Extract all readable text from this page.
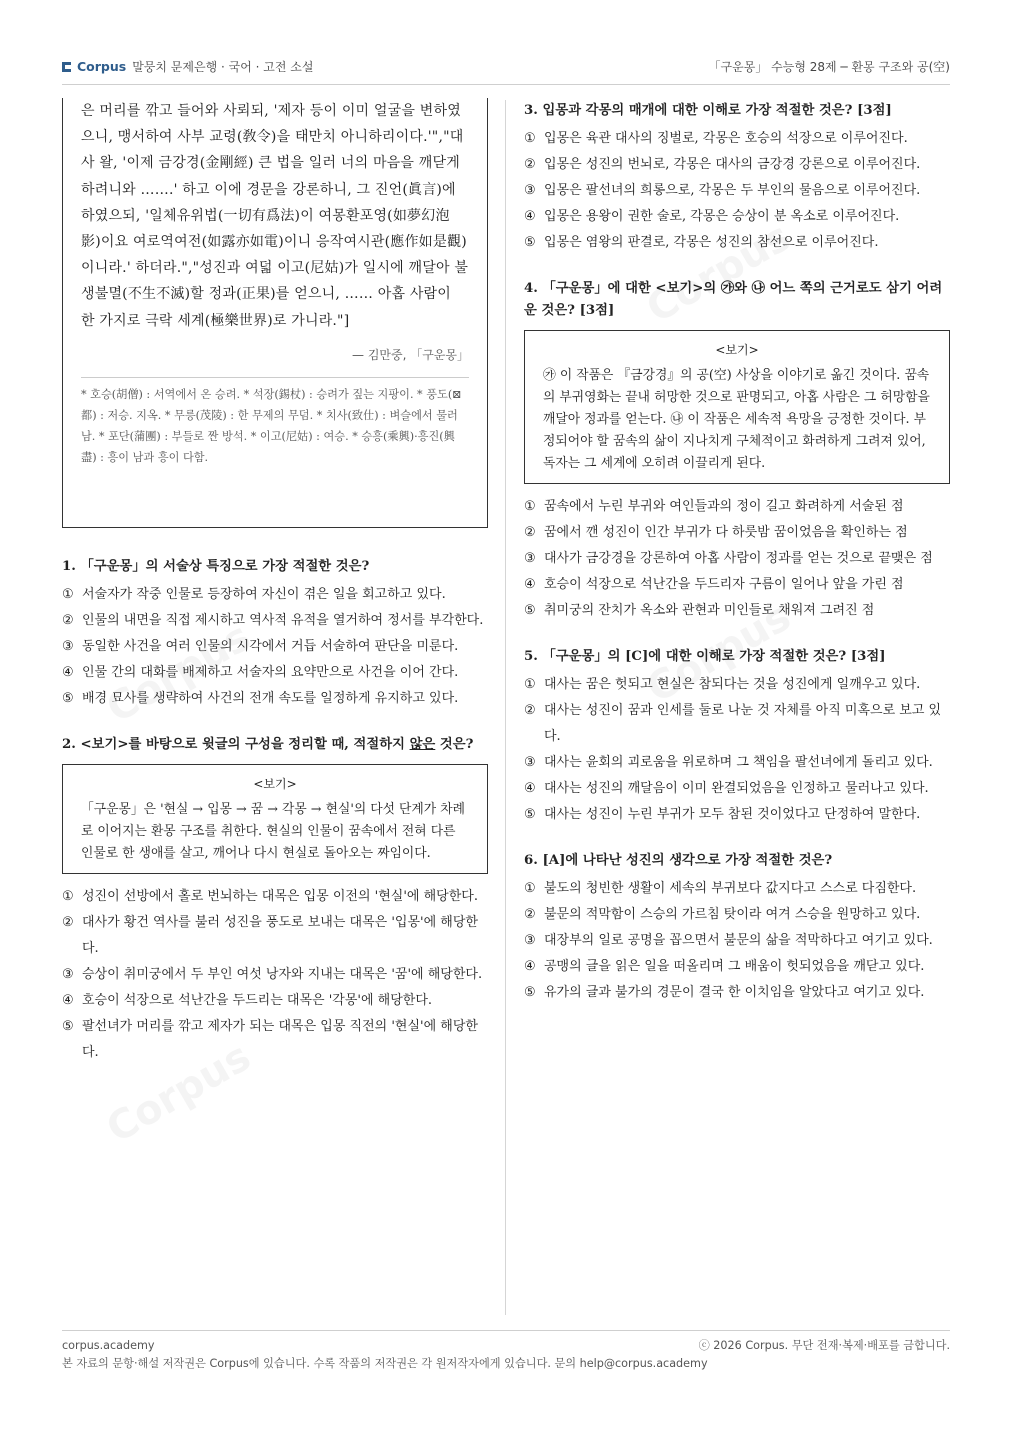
Corpus 말뭉치 문제은행 · 국어 · 고전 소설	「구운몽」 수능형 28제 ─ 환몽 구조와 공(空)

은 머리를 깎고 들어와 사뢰되, '제자 등이 이미 얼굴을 변하였으니, 맹서하여 사부 교령(敎令)을 태만치 아니하리이다.'","대사 왈, '이제 금강경(金剛經) 큰 법을 일러 너의 마음을 깨닫게 하려니와 …….' 하고 이에 경문을 강론하니, 그 진언(眞言)에 하였으되, '일체유위법(一切有爲法)이 여몽환포영(如夢幻泡影)이요 여로역여전(如露亦如電)이니 응작여시관(應作如是觀)이니라.' 하더라.","성진과 여덟 이고(尼姑)가 일시에 깨달아 불생불멸(不生不滅)할 정과(正果)를 얻으니, …… 아홉 사람이 한 가지로 극락 세계(極樂世界)로 가니라."]

— 김만중, 「구운몽」
* 호승(胡僧) : 서역에서 온 승려. * 석장(錫杖) : 승려가 짚는 지팡이. * 풍도(⊠都) : 저승. 지옥. * 무릉(茂陵) : 한 무제의 무덤. * 치사(致仕) : 벼슬에서 물러남. * 포단(蒲團) : 부들로 짠 방석. * 이고(尼姑) : 여승. * 승흥(乘興)·흥진(興盡) : 흥이 남과 흥이 다함.
1. 「구운몽」의 서술상 특징으로 가장 적절한 것은?
① 서술자가 작중 인물로 등장하여 자신이 겪은 일을 회고하고 있다.
② 인물의 내면을 직접 제시하고 역사적 유적을 열거하여 정서를 부각한다.
③ 동일한 사건을 여러 인물의 시각에서 거듭 서술하여 판단을 미룬다.
④ 인물 간의 대화를 배제하고 서술자의 요약만으로 사건을 이어 간다.
⑤ 배경 묘사를 생략하여 사건의 전개 속도를 일정하게 유지하고 있다.
2. <보기>를 바탕으로 윗글의 구성을 정리할 때, 적절하지 않은 것은?
<보기>
「구운몽」은 '현실 → 입몽 → 꿈 → 각몽 → 현실'의 다섯 단계가 차례로 이어지는 환몽 구조를 취한다. 현실의 인물이 꿈속에서 전혀 다른 인물로 한 생애를 살고, 깨어나 다시 현실로 돌아오는 짜임이다.
① 성진이 선방에서 홀로 번뇌하는 대목은 입몽 이전의 '현실'에 해당한다.
② 대사가 황건 역사를 불러 성진을 풍도로 보내는 대목은 '입몽'에 해당한다.
③ 승상이 취미궁에서 두 부인 여섯 낭자와 지내는 대목은 '꿈'에 해당한다.
④ 호승이 석장으로 석난간을 두드리는 대목은 '각몽'에 해당한다.
⑤ 팔선녀가 머리를 깎고 제자가 되는 대목은 입몽 직전의 '현실'에 해당한다.
3. 입몽과 각몽의 매개에 대한 이해로 가장 적절한 것은? [3점]
① 입몽은 육관 대사의 징벌로, 각몽은 호승의 석장으로 이루어진다.
② 입몽은 성진의 번뇌로, 각몽은 대사의 금강경 강론으로 이루어진다.
③ 입몽은 팔선녀의 희롱으로, 각몽은 두 부인의 물음으로 이루어진다.
④ 입몽은 용왕이 권한 술로, 각몽은 승상이 분 옥소로 이루어진다.
⑤ 입몽은 염왕의 판결로, 각몽은 성진의 참선으로 이루어진다.
4. 「구운몽」에 대한 <보기>의 ㉮와 ㉯ 어느 쪽의 근거로도 삼기 어려운 것은? [3점]
<보기>
㉮ 이 작품은 『금강경』의 공(空) 사상을 이야기로 옮긴 것이다. 꿈속의 부귀영화는 끝내 허망한 것으로 판명되고, 아홉 사람은 그 허망함을 깨달아 정과를 얻는다. ㉯ 이 작품은 세속적 욕망을 긍정한 것이다. 부정되어야 할 꿈속의 삶이 지나치게 구체적이고 화려하게 그려져 있어, 독자는 그 세계에 오히려 이끌리게 된다.
① 꿈속에서 누린 부귀와 여인들과의 정이 길고 화려하게 서술된 점
② 꿈에서 깬 성진이 인간 부귀가 다 하룻밤 꿈이었음을 확인하는 점
③ 대사가 금강경을 강론하여 아홉 사람이 정과를 얻는 것으로 끝맺은 점
④ 호승이 석장으로 석난간을 두드리자 구름이 일어나 앞을 가린 점
⑤ 취미궁의 잔치가 옥소와 관현과 미인들로 채워져 그려진 점
5. 「구운몽」의 [C]에 대한 이해로 가장 적절한 것은? [3점]
① 대사는 꿈은 헛되고 현실은 참되다는 것을 성진에게 일깨우고 있다.
② 대사는 성진이 꿈과 인세를 둘로 나눈 것 자체를 아직 미혹으로 보고 있다.
③ 대사는 윤회의 괴로움을 위로하며 그 책임을 팔선녀에게 돌리고 있다.
④ 대사는 성진의 깨달음이 이미 완결되었음을 인정하고 물러나고 있다.
⑤ 대사는 성진이 누린 부귀가 모두 참된 것이었다고 단정하여 말한다.
6. [A]에 나타난 성진의 생각으로 가장 적절한 것은?
① 불도의 청빈한 생활이 세속의 부귀보다 값지다고 스스로 다짐한다.
② 불문의 적막함이 스승의 가르침 탓이라 여겨 스승을 원망하고 있다.
③ 대장부의 일로 공명을 꼽으면서 불문의 삶을 적막하다고 여기고 있다.
④ 공맹의 글을 읽은 일을 떠올리며 그 배움이 헛되었음을 깨닫고 있다.
⑤ 유가의 글과 불가의 경문이 결국 한 이치임을 알았다고 여기고 있다.
corpus.academy
본 자료의 문항·해설 저작권은 Corpus에 있습니다. 수록 작품의 저작권은 각 원저작자에게 있습니다. 문의 help@corpus.academy
ⓒ 2026 Corpus. 무단 전재·복제·배포를 금합니다.
